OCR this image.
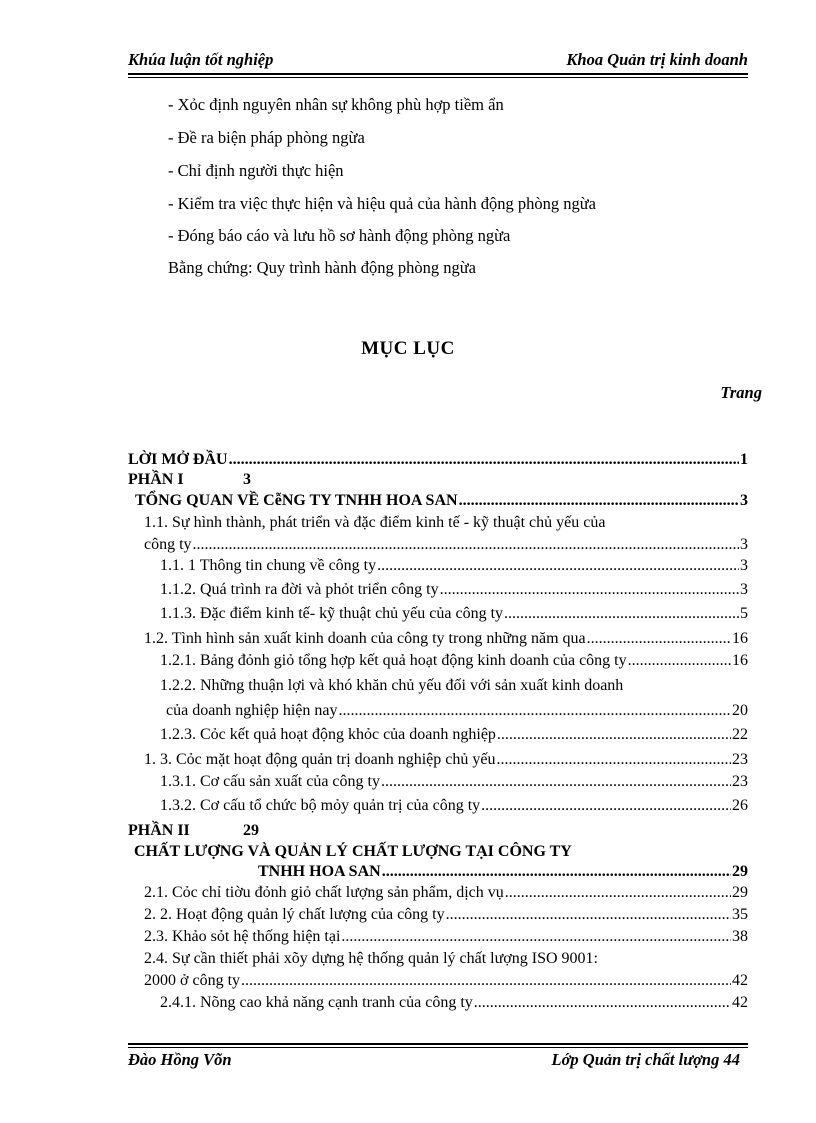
Khúa luận tốt nghiệp	Khoa Quản trị kinh doanh
- Xỏc định nguyên nhân sự không phù hợp tiềm ẩn
- Đề ra biện pháp phòng ngừa
- Chỉ định người thực hiện
- Kiểm tra việc thực hiện và hiệu quả của hành động phòng ngừa
- Đóng báo cáo và lưu hồ sơ hành động phòng ngừa
Bằng chứng: Quy trình hành động phòng ngừa
MỤC LỤC
Trang
LỜI MỞ ĐẦU .....	1
PHẦN I	3
TỔNG QUAN VỀ CễNG TY TNHH HOA SAN .....	3
1.1. Sự hình thành, phát triển và đặc điểm kinh tế - kỹ thuật chủ yếu của
công ty .....	3
1.1. 1 Thông tin chung về công ty .....	3
1.1.2. Quá trình ra đời và phỏt triển công ty .....	3
1.1.3. Đặc điểm kinh tế- kỹ thuật chủ yếu của công ty .....	5
1.2. Tình hình sản xuất kinh doanh của công ty trong những năm qua .....	16
1.2.1. Bảng đỏnh giỏ tổng hợp kết quả hoạt động kinh doanh của công ty .....	16
1.2.2. Những thuận lợi và khó khăn chủ yếu đối với sản xuất kinh doanh
của doanh nghiệp hiện nay .....	20
1.2.3. Cỏc kết quả hoạt động khỏc của doanh nghiệp .....	22
1. 3. Cỏc mặt hoạt động quản trị doanh nghiệp chủ yếu .....	23
1.3.1. Cơ cấu sản xuất của công ty .....	23
1.3.2. Cơ cấu tổ chức bộ mỏy quản trị của công ty .....	26
PHẦN II	29
CHẤT LƯỢNG VÀ QUẢN LÝ CHẤT LƯỢNG TẠI CÔNG TY
TNHH HOA SAN .....	29
2.1. Cỏc chỉ tiờu đỏnh giỏ chất lượng sản phẩm, dịch vụ .....	29
2. 2. Hoạt động quản lý chất lượng của công ty .....	35
2.3. Khảo sỏt hệ thống hiện tại .....	38
2.4. Sự cần thiết phải xõy dựng hệ thống quản lý chất lượng ISO 9001:
2000 ở công ty .....	42
2.4.1. Nõng cao khả năng cạnh tranh của công ty .....	42
Đào Hồng Võn	Lớp Quản trị chất lượng 44
